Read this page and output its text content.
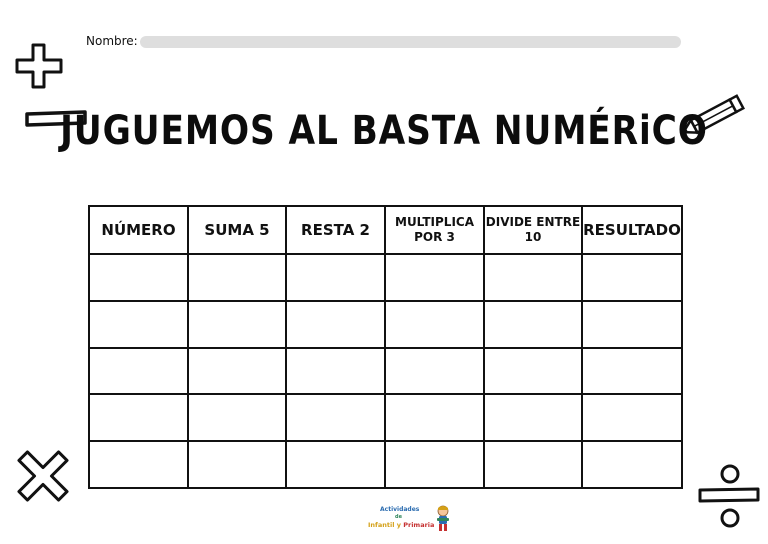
Nombre:
JUGUEMOS AL BASTA NUMÉRiCO
NÚMERO	SUMA 5	RESTA 2	MULTIPLICA POR 3	DIVIDE ENTRE 10	RESULTADO

Actividades
de
Infantil y Primaria
